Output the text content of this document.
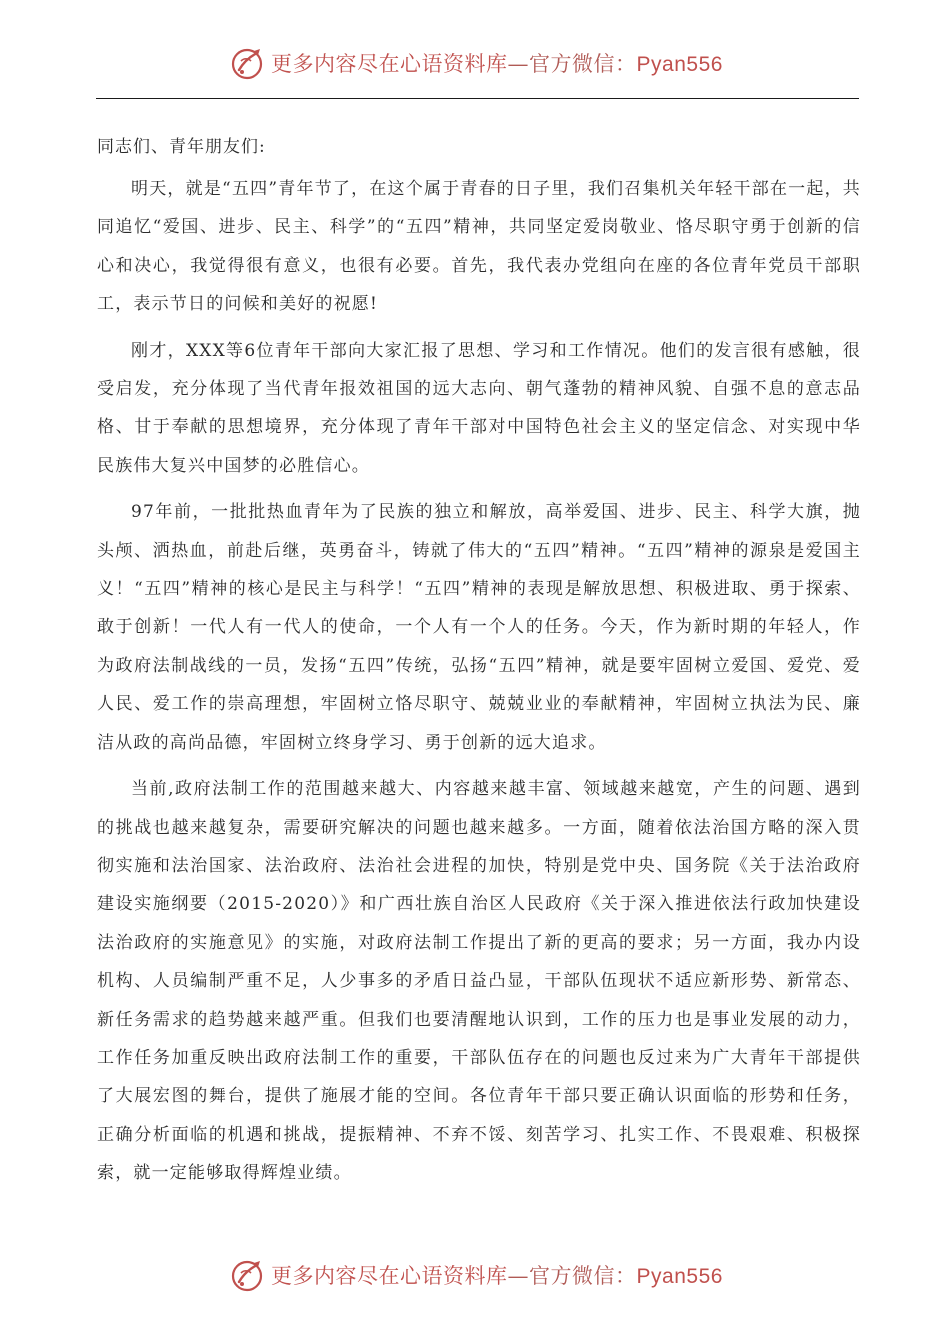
更多内容尽在心语资料库—官方微信：Pyan556

同志们、青年朋友们:

明天，就是“五四”青年节了，在这个属于青春的日子里，我们召集机关年轻干部在一起，共同追忆“爱国、进步、民主、科学”的“五四”精神，共同坚定爱岗敬业、恪尽职守勇于创新的信心和决心，我觉得很有意义，也很有必要。首先，我代表办党组向在座的各位青年党员干部职工，表示节日的问候和美好的祝愿!

刚才，XXX等6位青年干部向大家汇报了思想、学习和工作情况。他们的发言很有感触，很受启发，充分体现了当代青年报效祖国的远大志向、朝气蓬勃的精神风貌、自强不息的意志品格、甘于奉献的思想境界，充分体现了青年干部对中国特色社会主义的坚定信念、对实现中华民族伟大复兴中国梦的必胜信心。

97年前，一批批热血青年为了民族的独立和解放，高举爱国、进步、民主、科学大旗，抛头颅、洒热血，前赴后继，英勇奋斗，铸就了伟大的“五四”精神。“五四”精神的源泉是爱国主义！“五四”精神的核心是民主与科学！“五四”精神的表现是解放思想、积极进取、勇于探索、敢于创新！一代人有一代人的使命，一个人有一个人的任务。今天，作为新时期的年轻人，作为政府法制战线的一员，发扬“五四”传统，弘扬“五四”精神，就是要牢固树立爱国、爱党、爱人民、爱工作的崇高理想，牢固树立恪尽职守、兢兢业业的奉献精神，牢固树立执法为民、廉洁从政的高尚品德，牢固树立终身学习、勇于创新的远大追求。

当前,政府法制工作的范围越来越大、内容越来越丰富、领域越来越宽，产生的问题、遇到的挑战也越来越复杂，需要研究解决的问题也越来越多。一方面，随着依法治国方略的深入贯彻实施和法治国家、法治政府、法治社会进程的加快，特别是党中央、国务院《关于法治政府建设实施纲要（2015-2020）》和广西壮族自治区人民政府《关于深入推进依法行政加快建设法治政府的实施意见》的实施，对政府法制工作提出了新的更高的要求；另一方面，我办内设机构、人员编制严重不足，人少事多的矛盾日益凸显，干部队伍现状不适应新形势、新常态、新任务需求的趋势越来越严重。但我们也要清醒地认识到，工作的压力也是事业发展的动力，工作任务加重反映出政府法制工作的重要，干部队伍存在的问题也反过来为广大青年干部提供了大展宏图的舞台，提供了施展才能的空间。各位青年干部只要正确认识面临的形势和任务，正确分析面临的机遇和挑战，提振精神、不弃不馁、刻苦学习、扎实工作、不畏艰难、积极探索，就一定能够取得辉煌业绩。

更多内容尽在心语资料库—官方微信：Pyan556
